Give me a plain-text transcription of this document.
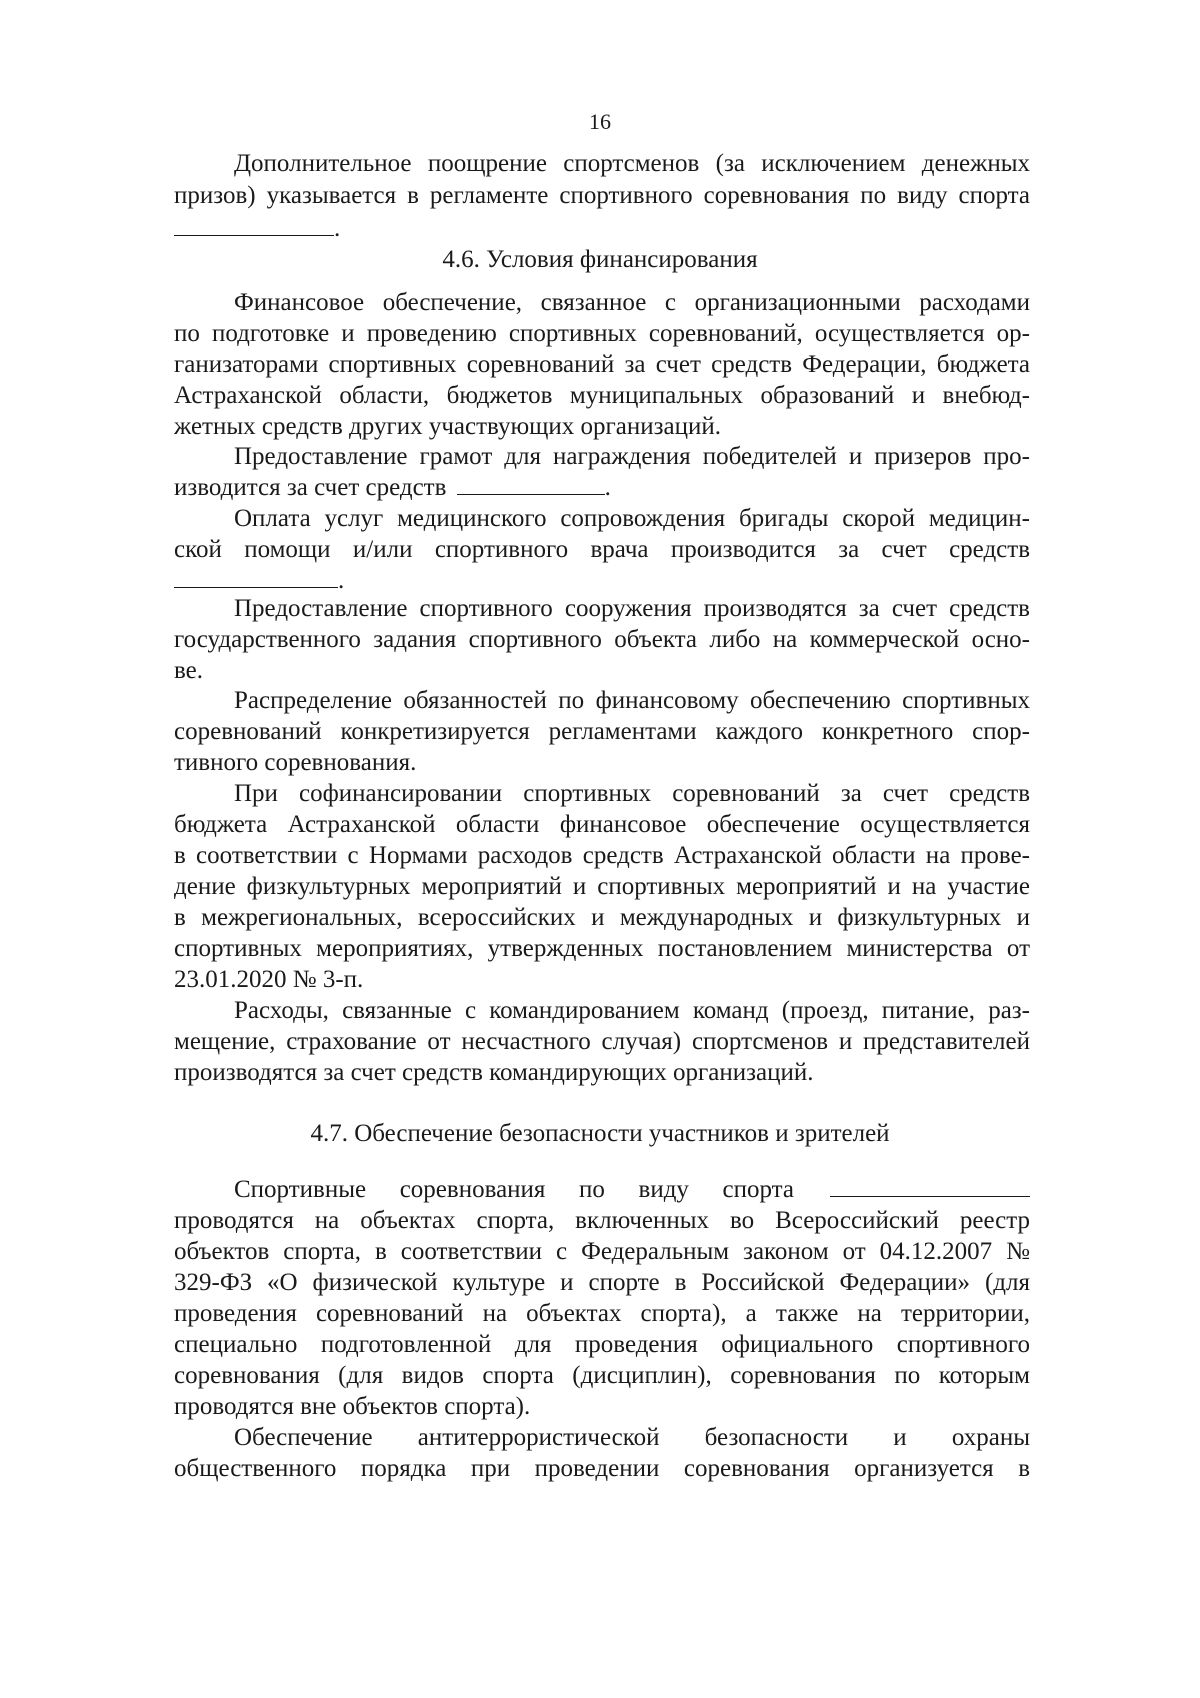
16
Дополнительное поощрение спортсменов (за исключением денежных
призов) указывается в регламенте спортивного соревнования по виду спорта
.
4.6. Условия финансирования
Финансовое обеспечение, связанное с организационными расходами
по подготовке и проведению спортивных соревнований, осуществляется ор-
ганизаторами спортивных соревнований за счет средств Федерации, бюджета
Астраханской области, бюджетов муниципальных образований и внебюд-
жетных средств других участвующих организаций.
Предоставление грамот для награждения победителей и призеров про-
изводится за счет средств	.
Оплата услуг медицинского сопровождения бригады скорой медицин-
ской помощи и/или спортивного врача производится за счет средств
.
Предоставление спортивного сооружения производятся за счет средств
государственного задания спортивного объекта либо на коммерческой осно-
ве.
Распределение обязанностей по финансовому обеспечению спортивных
соревнований конкретизируется регламентами каждого конкретного спор-
тивного соревнования.
При софинансировании спортивных соревнований за счет средств
бюджета Астраханской области финансовое обеспечение осуществляется
в соответствии с Нормами расходов средств Астраханской области на прове-
дение физкультурных мероприятий и спортивных мероприятий и на участие
в межрегиональных, всероссийских и международных и физкультурных и
спортивных мероприятиях, утвержденных постановлением министерства от
23.01.2020 № 3-п.
Расходы, связанные с командированием команд (проезд, питание, раз-
мещение, страхование от несчастного случая) спортсменов и представителей
производятся за счет средств командирующих организаций.
4.7. Обеспечение безопасности участников и зрителей
Спортивные соревнования по виду спорта
проводятся на объектах спорта, включенных во Всероссийский реестр
объектов спорта, в соответствии с Федеральным законом от 04.12.2007 №
329-ФЗ «О физической культуре и спорте в Российской Федерации» (для
проведения соревнований на объектах спорта), а также на территории,
специально подготовленной для проведения официального спортивного
соревнования (для видов спорта (дисциплин), соревнования по которым
проводятся вне объектов спорта).
Обеспечение антитеррористической безопасности и охраны
общественного порядка при проведении соревнования организуется в
